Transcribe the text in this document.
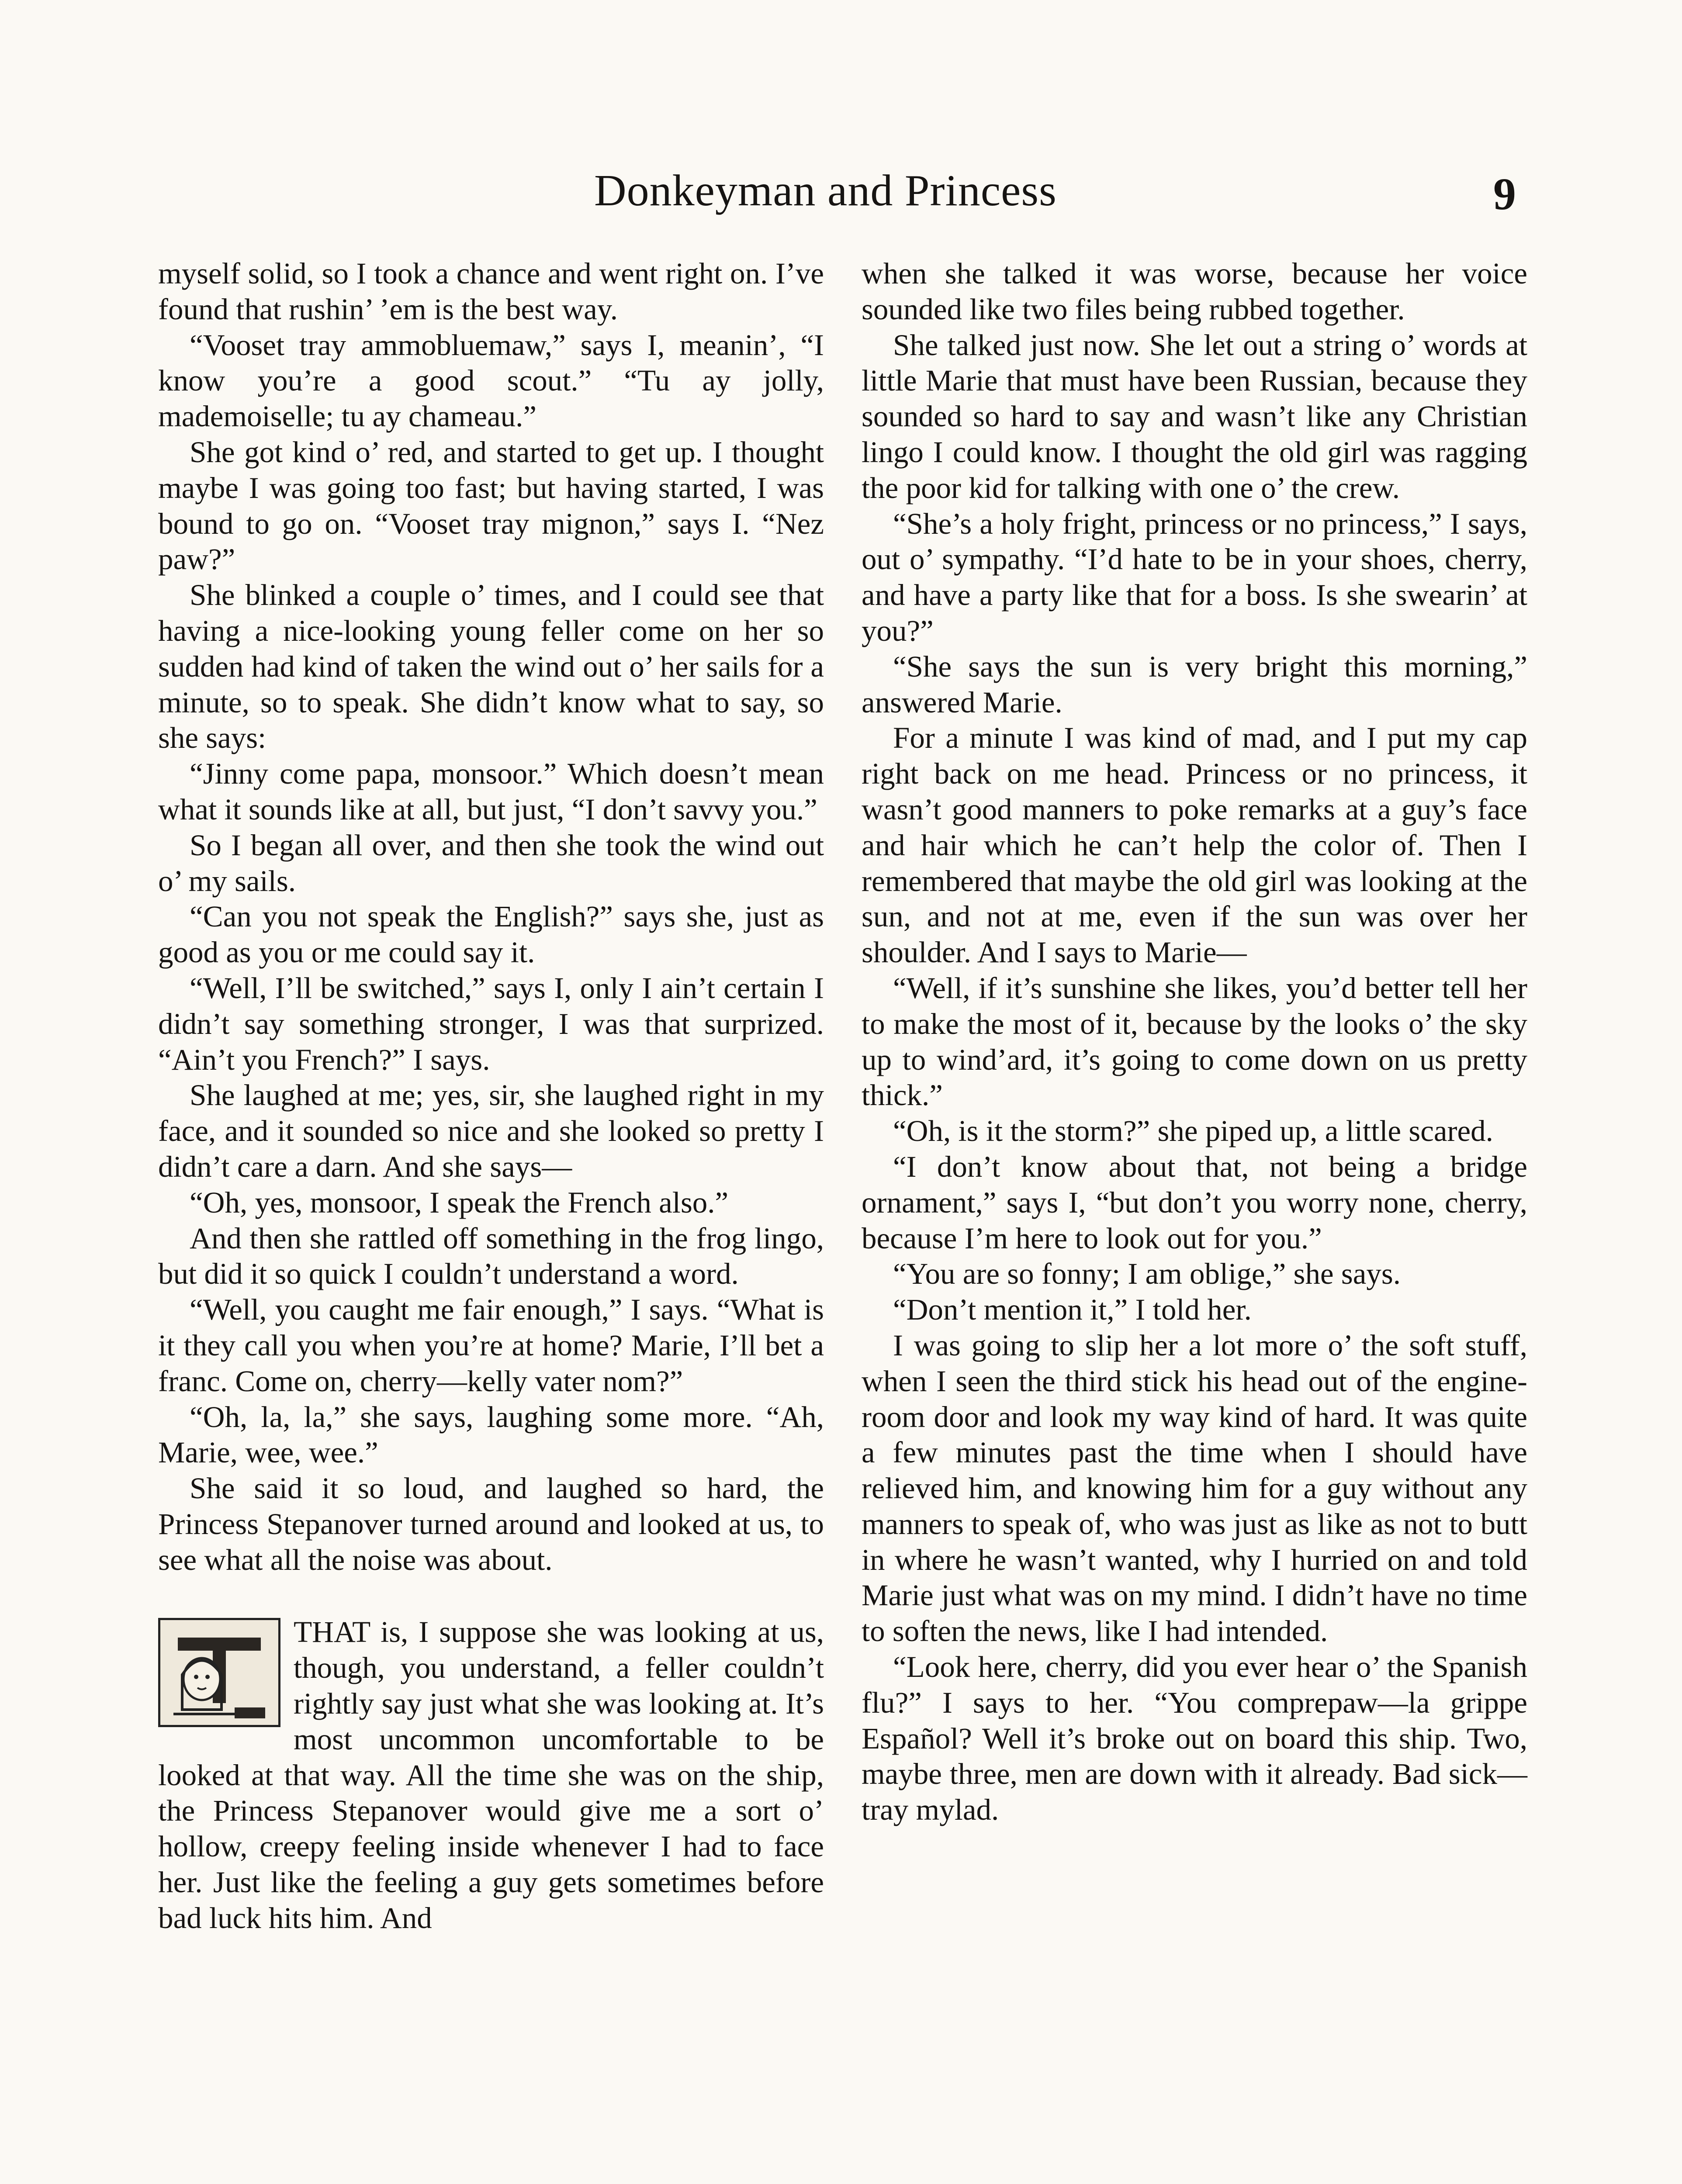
Donkeyman and Princess	9

myself solid, so I took a chance and went right on. I’ve found that rushin’ ’em is the best way.

“Vooset tray ammobluemaw,” says I, meanin’, “I know you’re a good scout.” “Tu ay jolly, mademoiselle; tu ay chameau.”

She got kind o’ red, and started to get up. I thought maybe I was going too fast; but having started, I was bound to go on. “Vooset tray mignon,” says I. “Nez paw?”

She blinked a couple o’ times, and I could see that having a nice-looking young feller come on her so sudden had kind of taken the wind out o’ her sails for a minute, so to speak. She didn’t know what to say, so she says:

“Jinny come papa, monsoor.” Which doesn’t mean what it sounds like at all, but just, “I don’t savvy you.”

So I began all over, and then she took the wind out o’ my sails.

“Can you not speak the English?” says she, just as good as you or me could say it.

“Well, I’ll be switched,” says I, only I ain’t certain I didn’t say something stronger, I was that surprized. “Ain’t you French?” I says.

She laughed at me; yes, sir, she laughed right in my face, and it sounded so nice and she looked so pretty I didn’t care a darn. And she says—

“Oh, yes, monsoor, I speak the French also.”

And then she rattled off something in the frog lingo, but did it so quick I couldn’t understand a word.

“Well, you caught me fair enough,” I says. “What is it they call you when you’re at home? Marie, I’ll bet a franc. Come on, cherry—kelly vater nom?”

“Oh, la, la,” she says, laughing some more. “Ah, Marie, wee, wee.”

She said it so loud, and laughed so hard, the Princess Stepanover turned around and looked at us, to see what all the noise was about.

THAT is, I suppose she was looking at us, though, you understand, a feller couldn’t rightly say just what she was looking at. It’s most uncommon uncomfortable to be looked at that way. All the time she was on the ship, the Princess Stepanover would give me a sort o’ hollow, creepy feeling inside whenever I had to face her. Just like the feeling a guy gets sometimes before bad luck hits him. And

when she talked it was worse, because her voice sounded like two files being rubbed together.

She talked just now. She let out a string o’ words at little Marie that must have been Russian, because they sounded so hard to say and wasn’t like any Christian lingo I could know. I thought the old girl was ragging the poor kid for talking with one o’ the crew.

“She’s a holy fright, princess or no princess,” I says, out o’ sympathy. “I’d hate to be in your shoes, cherry, and have a party like that for a boss. Is she swearin’ at you?”

“She says the sun is very bright this morning,” answered Marie.

For a minute I was kind of mad, and I put my cap right back on me head. Princess or no princess, it wasn’t good manners to poke remarks at a guy’s face and hair which he can’t help the color of. Then I remembered that maybe the old girl was looking at the sun, and not at me, even if the sun was over her shoulder. And I says to Marie—

“Well, if it’s sunshine she likes, you’d better tell her to make the most of it, because by the looks o’ the sky up to wind’ard, it’s going to come down on us pretty thick.”

“Oh, is it the storm?” she piped up, a little scared.

“I don’t know about that, not being a bridge ornament,” says I, “but don’t you worry none, cherry, because I’m here to look out for you.”

“You are so fonny; I am oblige,” she says.

“Don’t mention it,” I told her.

I was going to slip her a lot more o’ the soft stuff, when I seen the third stick his head out of the engine-room door and look my way kind of hard. It was quite a few minutes past the time when I should have relieved him, and knowing him for a guy without any manners to speak of, who was just as like as not to butt in where he wasn’t wanted, why I hurried on and told Marie just what was on my mind. I didn’t have no time to soften the news, like I had intended.

“Look here, cherry, did you ever hear o’ the Spanish flu?” I says to her. “You comprepaw—la grippe Español? Well it’s broke out on board this ship. Two, maybe three, men are down with it already. Bad sick—tray mylad.
